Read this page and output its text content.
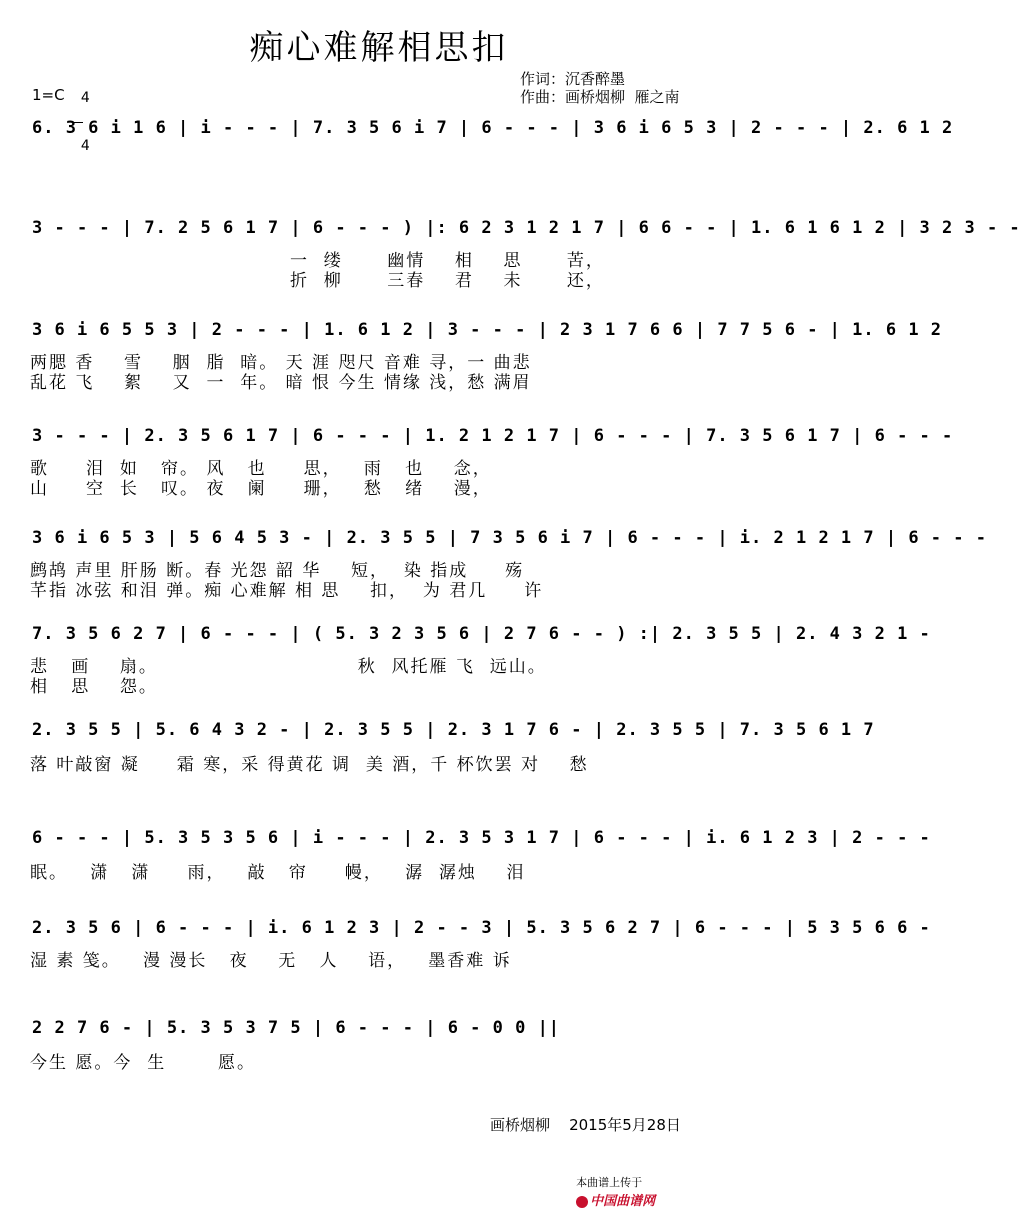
痴心难解相思扣
作词：沉香醉墨
作曲：画桥烟柳  雁之南
1=C	4

4

6. 3 6 i 1 6 | i - - - | 7. 3 5 6 i 7 | 6 - - - | 3 6 i 6 5 3 | 2 - - - | 2. 6 1 2
3 - - - | 7. 2 5 6 1 7 | 6 - - - ) |: 6 2 3 1 2 1 7 | 6 6 - - | 1. 6 1 6 1 2 | 3 2 3 - -
一  缕      幽情    相    思      苦，
折  柳      三春    君    未      还，
3 6 i 6 5 5 3 | 2 - - - | 1. 6 1 2 | 3 - - - | 2 3 1 7 6 6 | 7 7 5 6 - | 1. 6 1 2
两腮 香    雪    胭  脂  暗。 天 涯 咫尺 音难 寻，一 曲悲
乱花 飞    絮    又  一  年。 暗 恨 今生 情缘 浅，愁 满眉
3 - - - | 2. 3 5 6 1 7 | 6 - - - | 1. 2 1 2 1 7 | 6 - - - | 7. 3 5 6 1 7 | 6 - - -
歌     泪  如   帘。 风   也     思，   雨   也    念，
山     空  长   叹。 夜   阑     珊，   愁   绪    漫，
3 6 i 6 5 3 | 5 6 4 5 3 - | 2. 3 5 5 | 7 3 5 6 i 7 | 6 - - - | i. 2 1 2 1 7 | 6 - - -
鹧鸪 声里 肝肠 断。春 光怨 韶 华    短，  染 指成     殇
芊指 冰弦 和泪 弹。痴 心难解 相 思    扣，  为 君几     许
7. 3 5 6 2 7 | 6 - - - | ( 5. 3 2 3 5 6 | 2 7 6 - - ) :| 2. 3 5 5 | 2. 4 3 2 1 -
悲   画    扇。                           秋  风托雁 飞  远山。
相   思    怨。
2. 3 5 5 | 5. 6 4 3 2 - | 2. 3 5 5 | 2. 3 1 7 6 - | 2. 3 5 5 | 7. 3 5 6 1 7
落 叶敲窗 凝     霜 寒，采 得黄花 调  美 酒，千 杯饮罢 对    愁
6 - - - | 5. 3 5 3 5 6 | i - - - | 2. 3 5 3 1 7 | 6 - - - | i. 6 1 2 3 | 2 - - -
眠。   潇   潇     雨，   敲   帘     幔，   潺  潺烛    泪
2. 3 5 6 | 6 - - - | i. 6 1 2 3 | 2 - - 3 | 5. 3 5 6 2 7 | 6 - - - | 5 3 5 6 6 -
湿 素 笺。   漫 漫长   夜    无   人    语，   墨香难 诉
2 2 7 6 - | 5. 3 5 3 7 5 | 6 - - - | 6 - 0 0 ||
今生 愿。今  生       愿。
画桥烟柳    2015年5月28日

本曲谱上传于
中国曲谱网
